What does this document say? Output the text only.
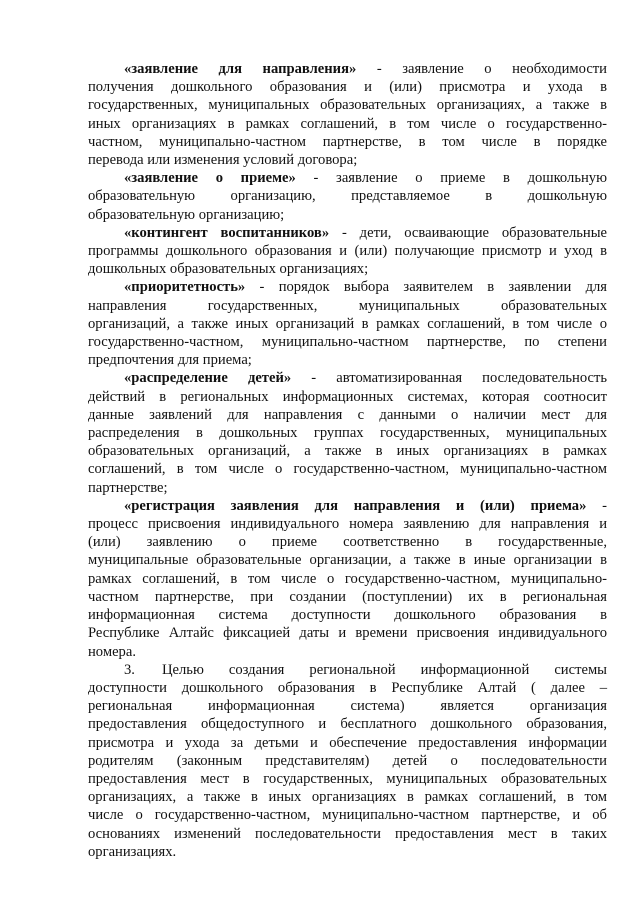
«заявление для направления» - заявление о необходимости
получения дошкольного образования и (или) присмотра и ухода в
государственных, муниципальных образовательных организациях, а также в
иных организациях в рамках соглашений, в том числе о государственно-
частном, муниципально-частном партнерстве, в том числе в порядке
перевода или изменения условий договора;
«заявление о приеме» - заявление о приеме в дошкольную
образовательную организацию, представляемое в дошкольную
образовательную организацию;
«контингент воспитанников» - дети, осваивающие образовательные
программы дошкольного образования и (или) получающие присмотр и уход в
дошкольных образовательных организациях;
«приоритетность» - порядок выбора заявителем в заявлении для
направления государственных, муниципальных образовательных
организаций, а также иных организаций в рамках соглашений, в том числе о
государственно-частном, муниципально-частном партнерстве, по степени
предпочтения для приема;
«распределение детей» - автоматизированная последовательность
действий в региональных информационных системах, которая соотносит
данные заявлений для направления с данными о наличии мест для
распределения в дошкольных группах государственных, муниципальных
образовательных организаций, а также в иных организациях в рамках
соглашений, в том числе о государственно-частном, муниципально-частном
партнерстве;
«регистрация заявления для направления и (или) приема» -
процесс присвоения индивидуального номера заявлению для направления и
(или) заявлению о приеме соответственно в государственные,
муниципальные образовательные организации, а также в иные организации в
рамках соглашений, в том числе о государственно-частном, муниципально-
частном партнерстве, при создании (поступлении) их в региональная
информационная система доступности дошкольного образования в
Республике Алтайс фиксацией даты и времени присвоения индивидуального
номера.
3. Целью создания региональной информационной системы
доступности дошкольного образования в Республике Алтай ( далее –
региональная информационная система) является организация
предоставления общедоступного и бесплатного дошкольного образования,
присмотра и ухода за детьми и обеспечение предоставления информации
родителям (законным представителям) детей о последовательности
предоставления мест в государственных, муниципальных образовательных
организациях, а также в иных организациях в рамках соглашений, в том
числе о государственно-частном, муниципально-частном партнерстве, и об
основаниях изменений последовательности предоставления мест в таких
организациях.
